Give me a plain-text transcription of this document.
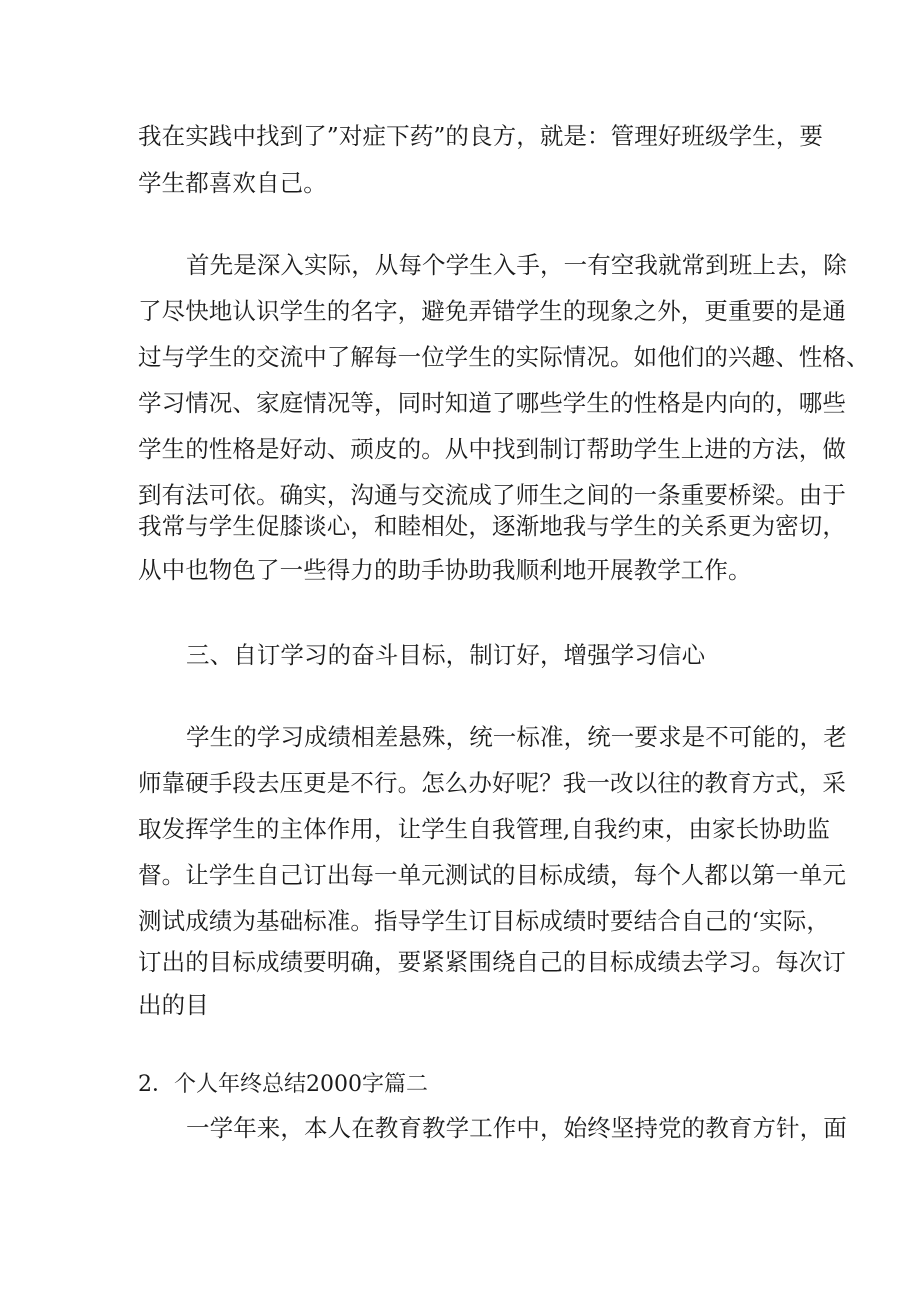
我在实践中找到了”对症下药”的良方，就是：管理好班级学生，要
学生都喜欢自己。
首先是深入实际，从每个学生入手，一有空我就常到班上去，除
了尽快地认识学生的名字，避免弄错学生的现象之外，更重要的是通
过与学生的交流中了解每一位学生的实际情况。如他们的兴趣、性格、
学习情况、家庭情况等，同时知道了哪些学生的性格是内向的，哪些
学生的性格是好动、顽皮的。从中找到制订帮助学生上进的方法，做
到有法可依。确实，沟通与交流成了师生之间的一条重要桥梁。由于
我常与学生促膝谈心，和睦相处，逐渐地我与学生的关系更为密切，
从中也物色了一些得力的助手协助我顺利地开展教学工作。
三、自订学习的奋斗目标，制订好，增强学习信心
学生的学习成绩相差悬殊，统一标准，统一要求是不可能的，老
师靠硬手段去压更是不行。怎么办好呢？我一改以往的教育方式，采
取发挥学生的主体作用，让学生自我管理,自我约束，由家长协助监
督。让学生自己订出每一单元测试的目标成绩，每个人都以第一单元
测试成绩为基础标准。指导学生订目标成绩时要结合自己的‘实际，
订出的目标成绩要明确，要紧紧围绕自己的目标成绩去学习。每次订
出的目
2．个人年终总结2000字篇二
一学年来，本人在教育教学工作中，始终坚持党的教育方针，面
